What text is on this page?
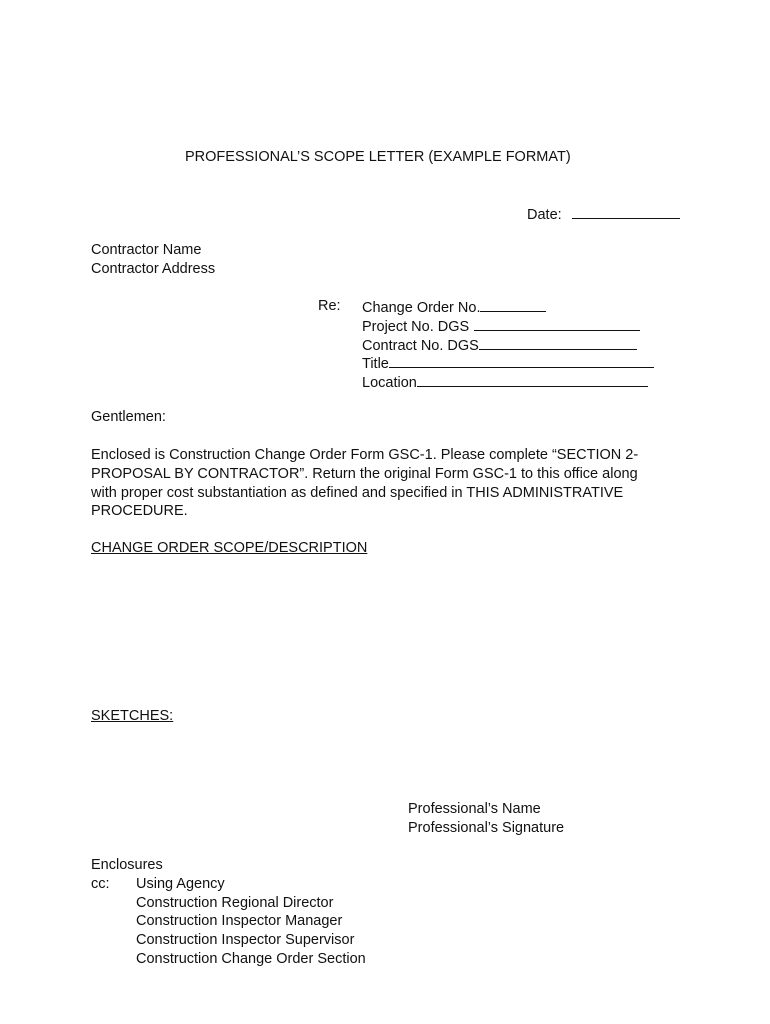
PROFESSIONAL’S SCOPE LETTER (EXAMPLE FORMAT)
Date:
Contractor Name
Contractor Address
Re: Change Order No.
Project No. DGS
Contract No. DGS
Title
Location
Gentlemen:
Enclosed is Construction Change Order Form GSC-1. Please complete “SECTION 2-
PROPOSAL BY CONTRACTOR”. Return the original Form GSC-1 to this office along
with proper cost substantiation as defined and specified in THIS ADMINISTRATIVE
PROCEDURE.
CHANGE ORDER SCOPE/DESCRIPTION
SKETCHES:
Professional’s Name
Professional’s Signature
Enclosures
cc: Using Agency
Construction Regional Director
Construction Inspector Manager
Construction Inspector Supervisor
Construction Change Order Section
